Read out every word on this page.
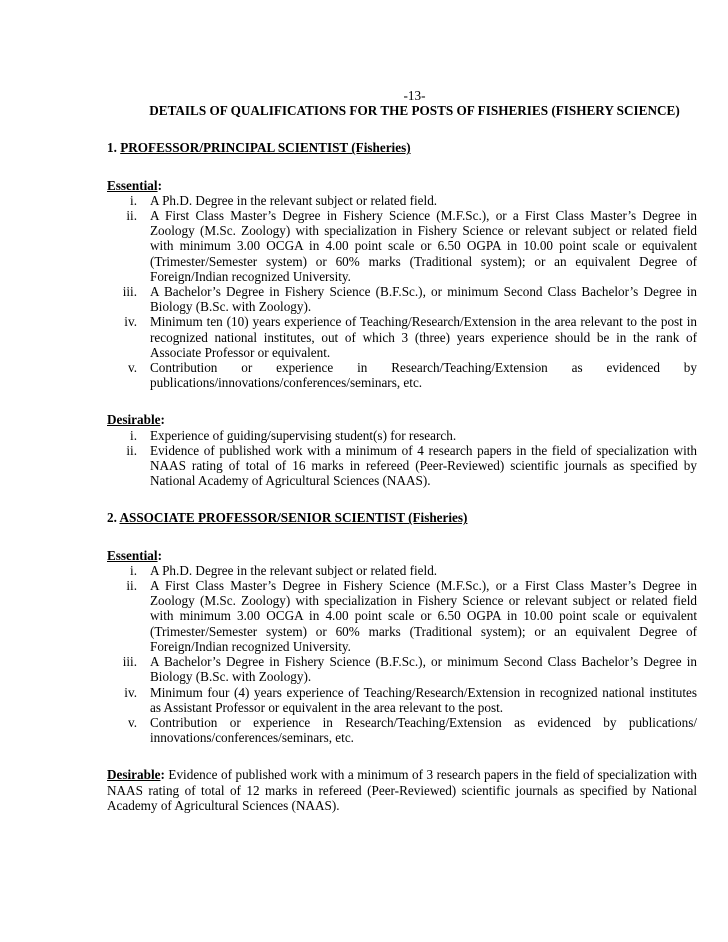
-13-
DETAILS OF QUALIFICATIONS FOR THE POSTS OF FISHERIES (FISHERY SCIENCE)
1. PROFESSOR/PRINCIPAL SCIENTIST (Fisheries)
Essential:
i. A Ph.D. Degree in the relevant subject or related field.
ii. A First Class Master’s Degree in Fishery Science (M.F.Sc.), or a First Class Master’s Degree in Zoology (M.Sc. Zoology) with specialization in Fishery Science or relevant subject or related field with minimum 3.00 OCGA in 4.00 point scale or 6.50 OGPA in 10.00 point scale or equivalent (Trimester/Semester system) or 60% marks (Traditional system); or an equivalent Degree of Foreign/Indian recognized University.
iii. A Bachelor’s Degree in Fishery Science (B.F.Sc.), or minimum Second Class Bachelor’s Degree in Biology (B.Sc. with Zoology).
iv. Minimum ten (10) years experience of Teaching/Research/Extension in the area relevant to the post in recognized national institutes, out of which 3 (three) years experience should be in the rank of Associate Professor or equivalent.
v. Contribution or experience in Research/Teaching/Extension as evidenced by publications/innovations/conferences/seminars, etc.
Desirable:
i. Experience of guiding/supervising student(s) for research.
ii. Evidence of published work with a minimum of 4 research papers in the field of specialization with NAAS rating of total of 16 marks in refereed (Peer-Reviewed) scientific journals as specified by National Academy of Agricultural Sciences (NAAS).
2. ASSOCIATE PROFESSOR/SENIOR SCIENTIST (Fisheries)
Essential:
i. A Ph.D. Degree in the relevant subject or related field.
ii. A First Class Master’s Degree in Fishery Science (M.F.Sc.), or a First Class Master’s Degree in Zoology (M.Sc. Zoology) with specialization in Fishery Science or relevant subject or related field with minimum 3.00 OCGA in 4.00 point scale or 6.50 OGPA in 10.00 point scale or equivalent (Trimester/Semester system) or 60% marks (Traditional system); or an equivalent Degree of Foreign/Indian recognized University.
iii. A Bachelor’s Degree in Fishery Science (B.F.Sc.), or minimum Second Class Bachelor’s Degree in Biology (B.Sc. with Zoology).
iv. Minimum four (4) years experience of Teaching/Research/Extension in recognized national institutes as Assistant Professor or equivalent in the area relevant to the post.
v. Contribution or experience in Research/Teaching/Extension as evidenced by publications/ innovations/conferences/seminars, etc.
Desirable: Evidence of published work with a minimum of 3 research papers in the field of specialization with NAAS rating of total of 12 marks in refereed (Peer-Reviewed) scientific journals as specified by National Academy of Agricultural Sciences (NAAS).
